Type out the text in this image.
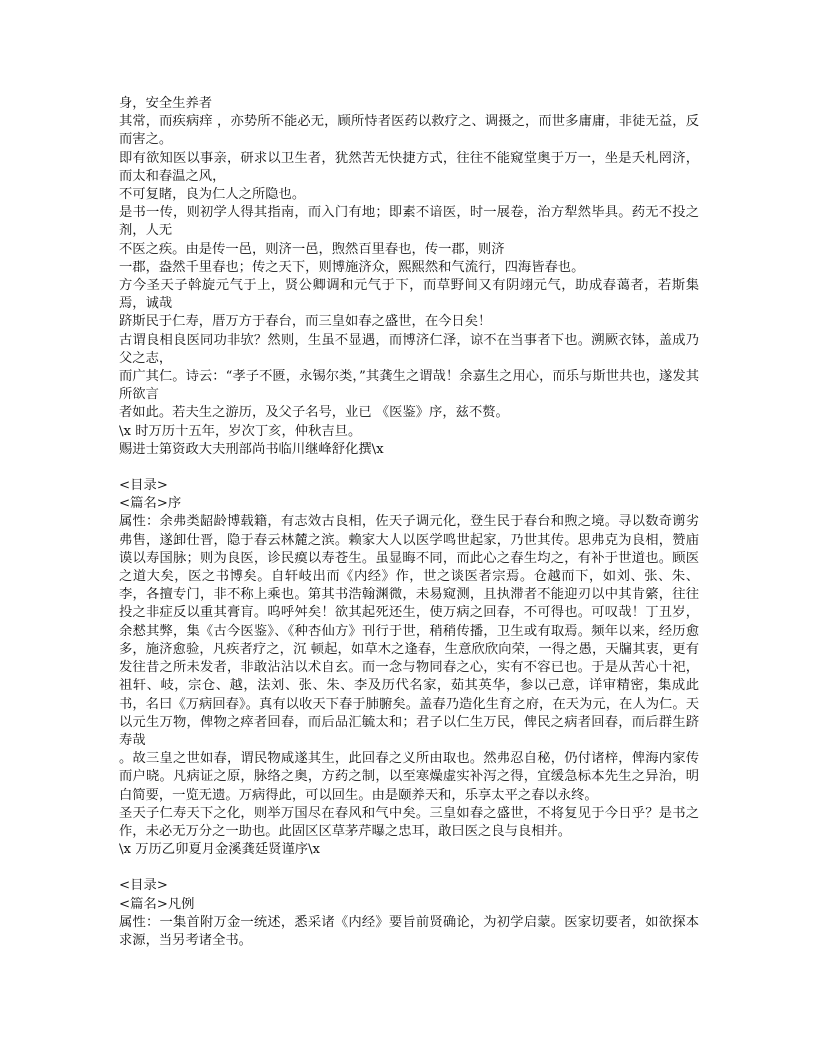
身，安全生养者

其常，而疾病痒 ，亦势所不能必无，顾所恃者医药以救疗之、调摄之，而世多庸庸，非徒无益，反而害之。

即有欲知医以事亲，研求以卫生者，犹然苦无快捷方式，往往不能窥堂奥于万一，坐是夭札罔济，而太和春温之风，

不可复睹，良为仁人之所隐也。

是书一传，则初学人得其指南，而入门有地；即素不谙医，时一展卷，治方犁然毕具。药无不投之剂，人无

不医之疾。由是传一邑，则济一邑，煦然百里春也，传一郡，则济

一郡，盎然千里春也；传之天下，则博施济众，熙熙然和气流行，四海皆春也。

方今圣天子斡旋元气于上，贤公卿调和元气于下，而草野间又有阴翊元气，助成春蔼者，若斯集焉，诚哉

跻斯民于仁寿，厝万方于春台，而三皇如春之盛世，在今日矣！

古谓良相良医同功非欤？然则，生虽不显遇，而博济仁泽，谅不在当事者下也。溯厥衣钵，盖成乃父之志，

而广其仁。诗云：“孝子不匮，永锡尔类，”其龚生之谓哉！余嘉生之用心，而乐与斯世共也，遂发其所欲言

者如此。若夫生之游历，及父子名号，业已 《医鉴》序，兹不赘。

\x 时万历十五年，岁次丁亥，仲秋吉旦。

赐进士第资政大夫刑部尚书临川继峰舒化撰\x

<目录>

<篇名>序

属性：余弗类龆龄博载籍，有志效古良相，佐天子调元化，登生民于春台和煦之境。寻以数奇谫劣弗售，遂卸仕晋，隐于春云林麓之滨。赖家大人以医学鸣世起家，乃世其传。思弗克为良相，赞庙谟以寿国脉；则为良医，诊民瘼以寿苍生。虽显晦不同，而此心之春生均之，有补于世道也。顾医之道大矣，医之书博矣。自轩岐出而《内经》作，世之谈医者宗焉。仓越而下，如刘、张、朱、李，各擅专门，非不称上乘也。第其书浩翰渊微，未易窥测，且执滞者不能迎刃以中其肯綮，往往投之非症反以重其膏肓。呜呼舛矣！欲其起死还生，使万病之回春，不可得也。可叹哉！丁丑岁，余慭其弊，集《古今医鉴》、《种杏仙方》刊行于世，稍稍传播，卫生或有取焉。频年以来，经历愈多，施济愈验，凡疾者疗之，沉 顿起，如草木之逢春，生意欣欣向荣，一得之愚，天牖其衷，更有发往昔之所未发者，非敢沾沾以术自玄。而一念与物同春之心，实有不容已也。于是从苦心十祀，祖轩、岐，宗仓、越，法刘、张、朱、李及历代名家，茹其英华，参以己意，详审精密，集成此书，名曰《万病回春》。真有以收天下春于肺腑矣。盖春乃造化生育之府，在天为元，在人为仁。天以元生万物，俾物之瘁者回春，而后品汇毓太和；君子以仁生万民，俾民之病者回春，而后群生跻寿哉

。故三皇之世如春，谓民物咸遂其生，此回春之义所由取也。然弗忍自秘，仍付诸梓，俾海内家传而户晓。凡病证之原，脉络之奥，方药之制，以至寒燥虚实补泻之得，宜缓急标本先生之异治，明白简要，一览无遗。万病得此，可以回生。由是颐养天和，乐享太平之春以永终。

圣天子仁寿天下之化，则举万国尽在春风和气中矣。三皇如春之盛世，不将复见于今日乎？是书之作，未必无万分之一助也。此固区区草茅芹曝之忠耳，敢曰医之良与良相并。

\x 万历乙卯夏月金溪龚廷贤谨序\x

<目录>

<篇名>凡例

属性：一集首附万金一统述，悉采诸《内经》要旨前贤确论，为初学启蒙。医家切要者，如欲探本求源，当另考诸全书。
